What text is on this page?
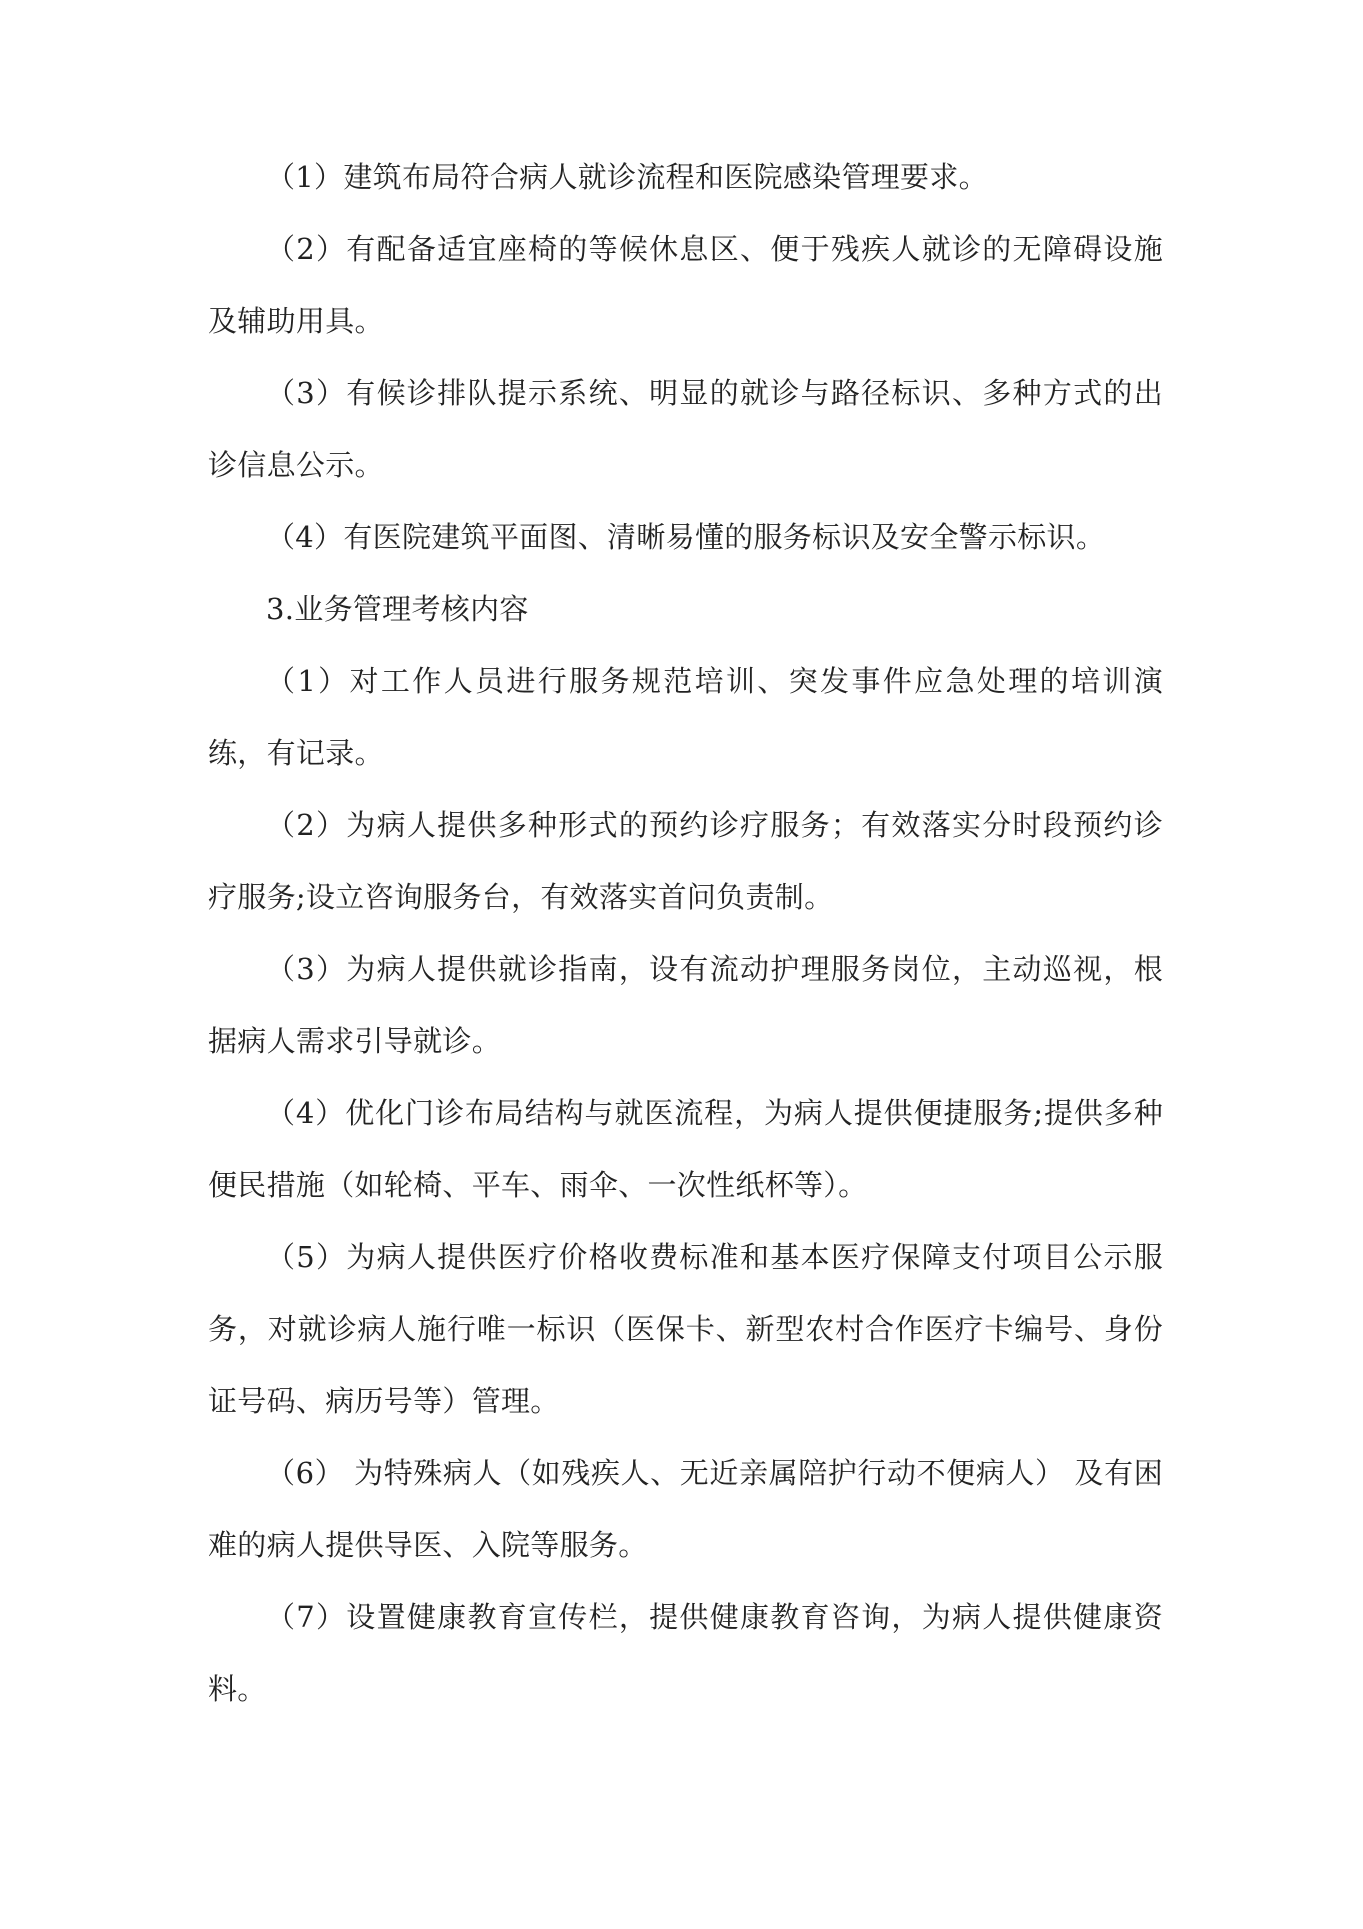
（1）建筑布局符合病人就诊流程和医院感染管理要求。

（2）有配备适宜座椅的等候休息区、便于残疾人就诊的无障碍设施及辅助用具。

（3）有候诊排队提示系统、明显的就诊与路径标识、多种方式的出诊信息公示。

（4）有医院建筑平面图、清晰易懂的服务标识及安全警示标识。

3.业务管理考核内容

（1）对工作人员进行服务规范培训、突发事件应急处理的培训演练，有记录。

（2）为病人提供多种形式的预约诊疗服务；有效落实分时段预约诊疗服务;设立咨询服务台，有效落实首问负责制。

（3）为病人提供就诊指南，设有流动护理服务岗位，主动巡视，根据病人需求引导就诊。

（4）优化门诊布局结构与就医流程，为病人提供便捷服务;提供多种便民措施（如轮椅、平车、雨伞、一次性纸杯等）。

（5）为病人提供医疗价格收费标准和基本医疗保障支付项目公示服务，对就诊病人施行唯一标识（医保卡、新型农村合作医疗卡编号、身份证号码、病历号等）管理。

（6） 为特殊病人（如残疾人、无近亲属陪护行动不便病人） 及有困难的病人提供导医、入院等服务。

（7）设置健康教育宣传栏，提供健康教育咨询，为病人提供健康资料。
